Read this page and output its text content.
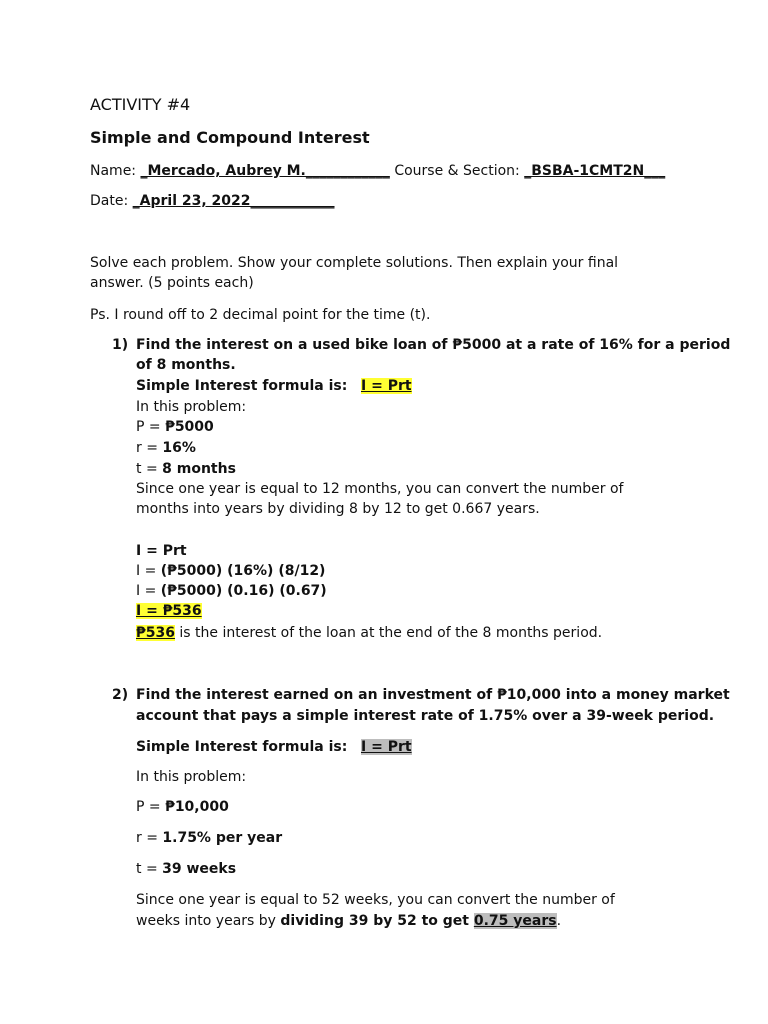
ACTIVITY #4
Simple and Compound Interest
Name: _Mercado, Aubrey M.____________ Course & Section: _BSBA-1CMT2N___
Date: _April 23, 2022____________
Solve each problem. Show your complete solutions. Then explain your final
answer. (5 points each)
Ps. I round off to 2 decimal point for the time (t).
1) Find the interest on a used bike loan of ₱5000 at a rate of 16% for a period
of 8 months.
Simple Interest formula is: I = Prt
In this problem:
P = ₱5000
r = 16%
t = 8 months
Since one year is equal to 12 months, you can convert the number of
months into years by dividing 8 by 12 to get 0.667 years.
I = Prt
I = (₱5000) (16%) (8/12)
I = (₱5000) (0.16) (0.67)
I = ₱536
₱536 is the interest of the loan at the end of the 8 months period.
2) Find the interest earned on an investment of ₱10,000 into a money market
account that pays a simple interest rate of 1.75% over a 39-week period.
Simple Interest formula is: I = Prt
In this problem:
P = ₱10,000
r = 1.75% per year
t = 39 weeks
Since one year is equal to 52 weeks, you can convert the number of
weeks into years by dividing 39 by 52 to get 0.75 years.
